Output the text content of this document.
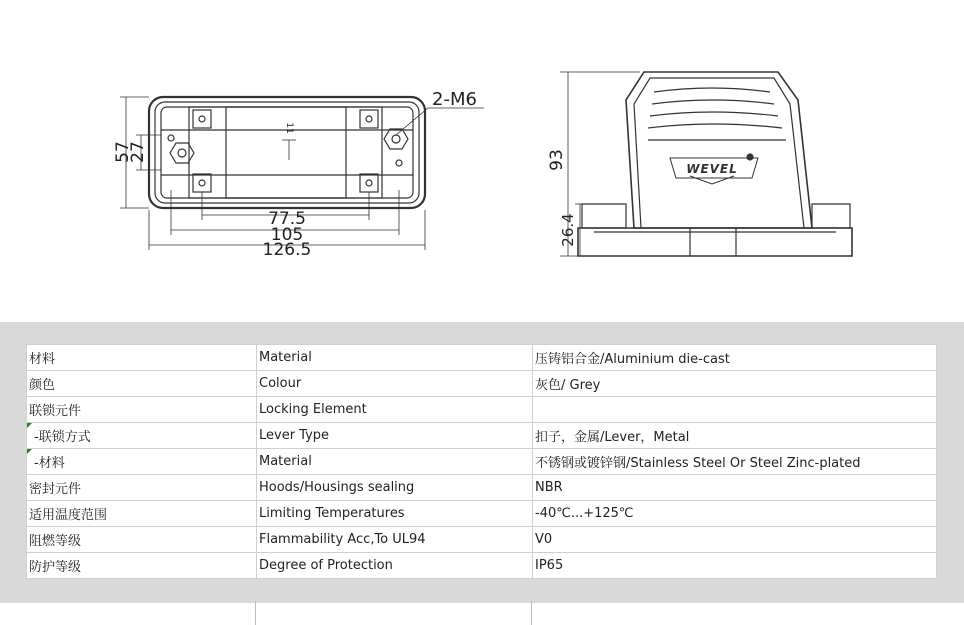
57
27
11
77.5
105
126.5
2-M6
WEVEL
93
26.4
材料	Material	压铸铝合金/Aluminium die-cast
颜色	Colour	灰色/ Grey
联锁元件	Locking Element	

-联锁方式	Lever Type	扣子，金属/Lever，Metal

-材料	Material	不锈钢或镀锌钢/Stainless Steel Or Steel Zinc-plated
密封元件	Hoods/Housings sealing	NBR
适用温度范围	Limiting Temperatures	-40℃...+125℃
阻燃等级	Flammability Acc,To UL94	V0
防护等级	Degree of Protection	IP65
